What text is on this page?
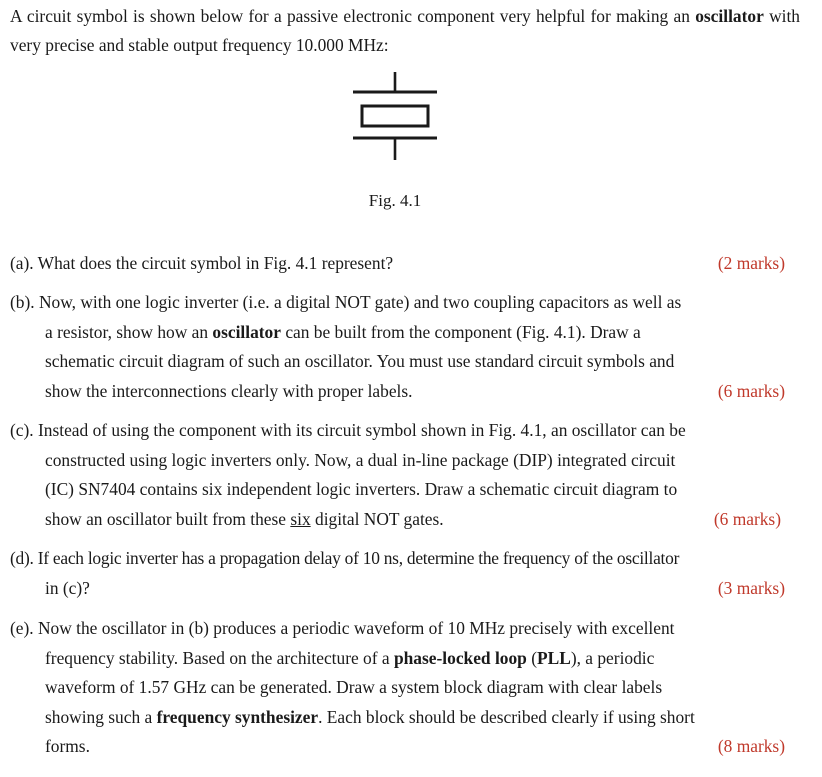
A circuit symbol is shown below for a passive electronic component very helpful for making an oscillator with very precise and stable output frequency 10.000 MHz:
Fig. 4.1
(a). What does the circuit symbol in Fig. 4.1 represent?	(2 marks)
(b). Now, with one logic inverter (i.e. a digital NOT gate) and two coupling capacitors as well as
a resistor, show how an oscillator can be built from the component (Fig. 4.1). Draw a
schematic circuit diagram of such an oscillator. You must use standard circuit symbols and
show the interconnections clearly with proper labels.	(6 marks)
(c). Instead of using the component with its circuit symbol shown in Fig. 4.1, an oscillator can be
constructed using logic inverters only. Now, a dual in-line package (DIP) integrated circuit
(IC) SN7404 contains six independent logic inverters. Draw a schematic circuit diagram to
show an oscillator built from these six digital NOT gates.	(6 marks)
(d). If each logic inverter has a propagation delay of 10 ns, determine the frequency of the oscillator
in (c)?	(3 marks)
(e). Now the oscillator in (b) produces a periodic waveform of 10 MHz precisely with excellent
frequency stability. Based on the architecture of a phase-locked loop (PLL), a periodic
waveform of 1.57 GHz can be generated. Draw a system block diagram with clear labels
showing such a frequency synthesizer. Each block should be described clearly if using short
forms.	(8 marks)
